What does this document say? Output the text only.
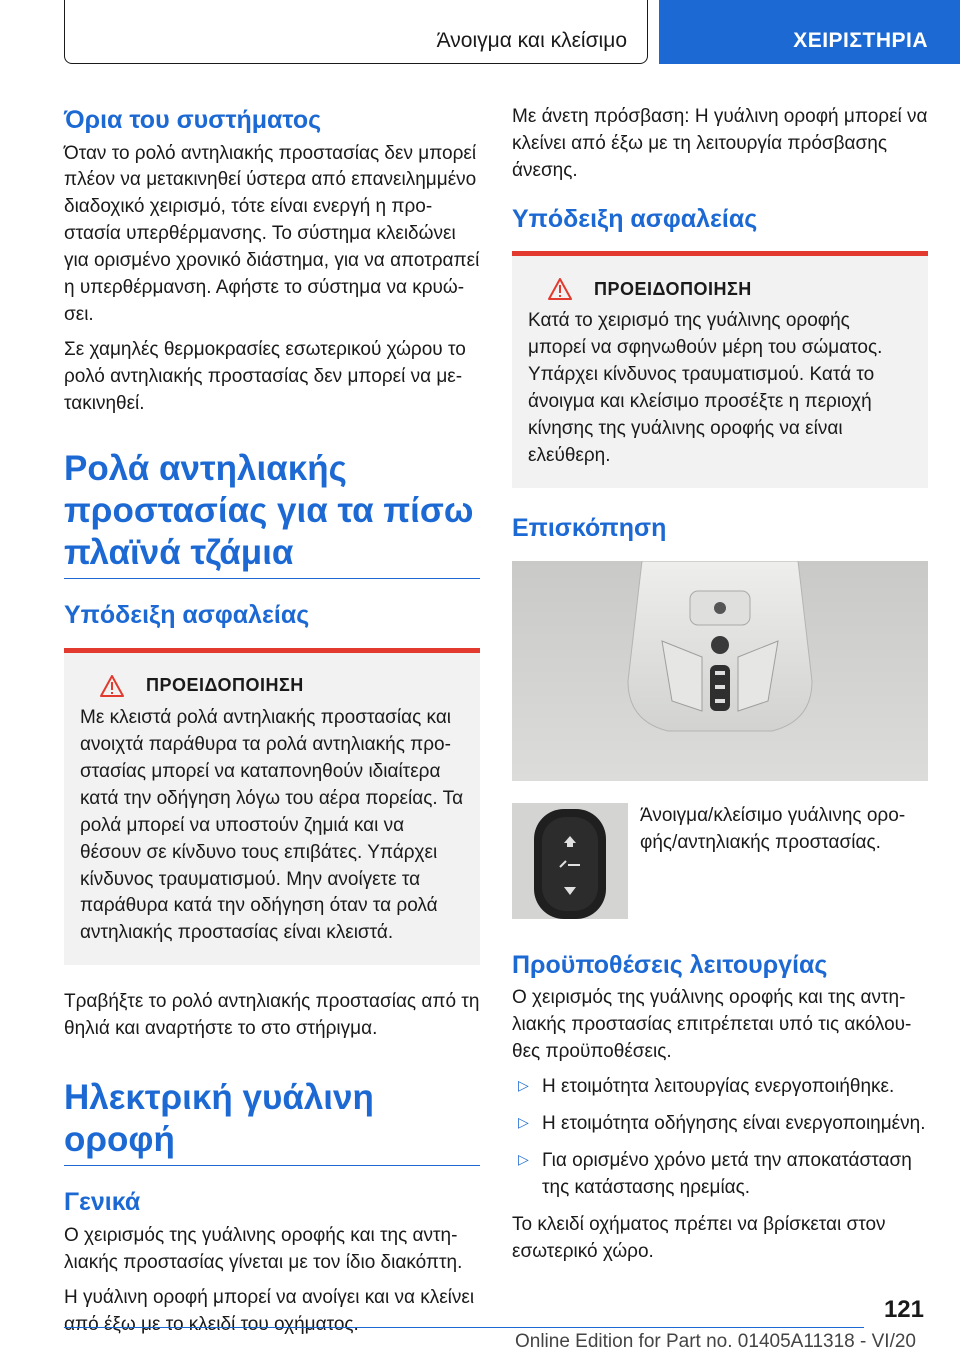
Άνοιγμα και κλείσιμο	ΧΕΙΡΙΣΤΗΡΙΑ
Όρια του συστήματος

Όταν το ρολό αντηλιακής προστασίας δεν μπορεί πλέον να μετακινηθεί ύστερα από επανειλημμένο διαδοχικό χειρισμό, τότε είναι ενεργή η προστασία υπερθέρμανσης. Το σύστημα κλειδώνει για ορισμένο χρονικό διάστημα, για να αποτραπεί η υπερθέρμανση. Αφήστε το σύστημα να κρυώσει.

Σε χαμηλές θερμοκρασίες εσωτερικού χώρου το ρολό αντηλιακής προστασίας δεν μπορεί να μετακινηθεί.

Ρολά αντηλιακής προστασίας για τα πίσω πλαϊνά τζάμια
Υπόδειξη ασφαλείας
ΠΡΟΕΙΔΟΠΟΙΗΣΗ

Με κλειστά ρολά αντηλιακής προστασίας και ανοιχτά παράθυρα τα ρολά αντηλιακής προστασίας μπορεί να καταπονηθούν ιδιαίτερα κατά την οδήγηση λόγω του αέρα πορείας. Τα ρολά μπορεί να υποστούν ζημιά και να θέσουν σε κίνδυνο τους επιβάτες. Υπάρχει κίνδυνος τραυματισμού. Μην ανοίγετε τα παράθυρα κατά την οδήγηση όταν τα ρολά αντηλιακής προστασίας είναι κλειστά.

Τραβήξτε το ρολό αντηλιακής προστασίας από τη θηλιά και αναρτήστε το στο στήριγμα.

Ηλεκτρική γυάλινη οροφή
Γενικά

Ο χειρισμός της γυάλινης οροφής και της αντηλιακής προστασίας γίνεται με τον ίδιο διακόπτη.

Η γυάλινη οροφή μπορεί να ανοίγει και να κλείνει από έξω με το κλειδί του οχήματος.

Με άνετη πρόσβαση: Η γυάλινη οροφή μπορεί να κλείνει από έξω με τη λειτουργία πρόσβασης άνεσης.

Υπόδειξη ασφαλείας
ΠΡΟΕΙΔΟΠΟΙΗΣΗ

Κατά το χειρισμό της γυάλινης οροφής μπορεί να σφηνωθούν μέρη του σώματος. Υπάρχει κίνδυνος τραυματισμού. Κατά το άνοιγμα και κλείσιμο προσέξτε η περιοχή κίνησης της γυάλινης οροφής να είναι ελεύθερη.

Επισκόπηση
Άνοιγμα/κλείσιμο γυάλινης οροφής/αντηλιακής προστασίας.
Προϋποθέσεις λειτουργίας

Ο χειρισμός της γυάλινης οροφής και της αντηλιακής προστασίας επιτρέπεται υπό τις ακόλουθες προϋποθέσεις.

▷ Η ετοιμότητα λειτουργίας ενεργοποιήθηκε.
▷ Η ετοιμότητα οδήγησης είναι ενεργοποιημένη.
▷ Για ορισμένο χρόνο μετά την αποκατάσταση της κατάστασης ηρεμίας.

Το κλειδί οχήματος πρέπει να βρίσκεται στον εσωτερικό χώρο.

121
Online Edition for Part no. 01405A11318 - VI/20
